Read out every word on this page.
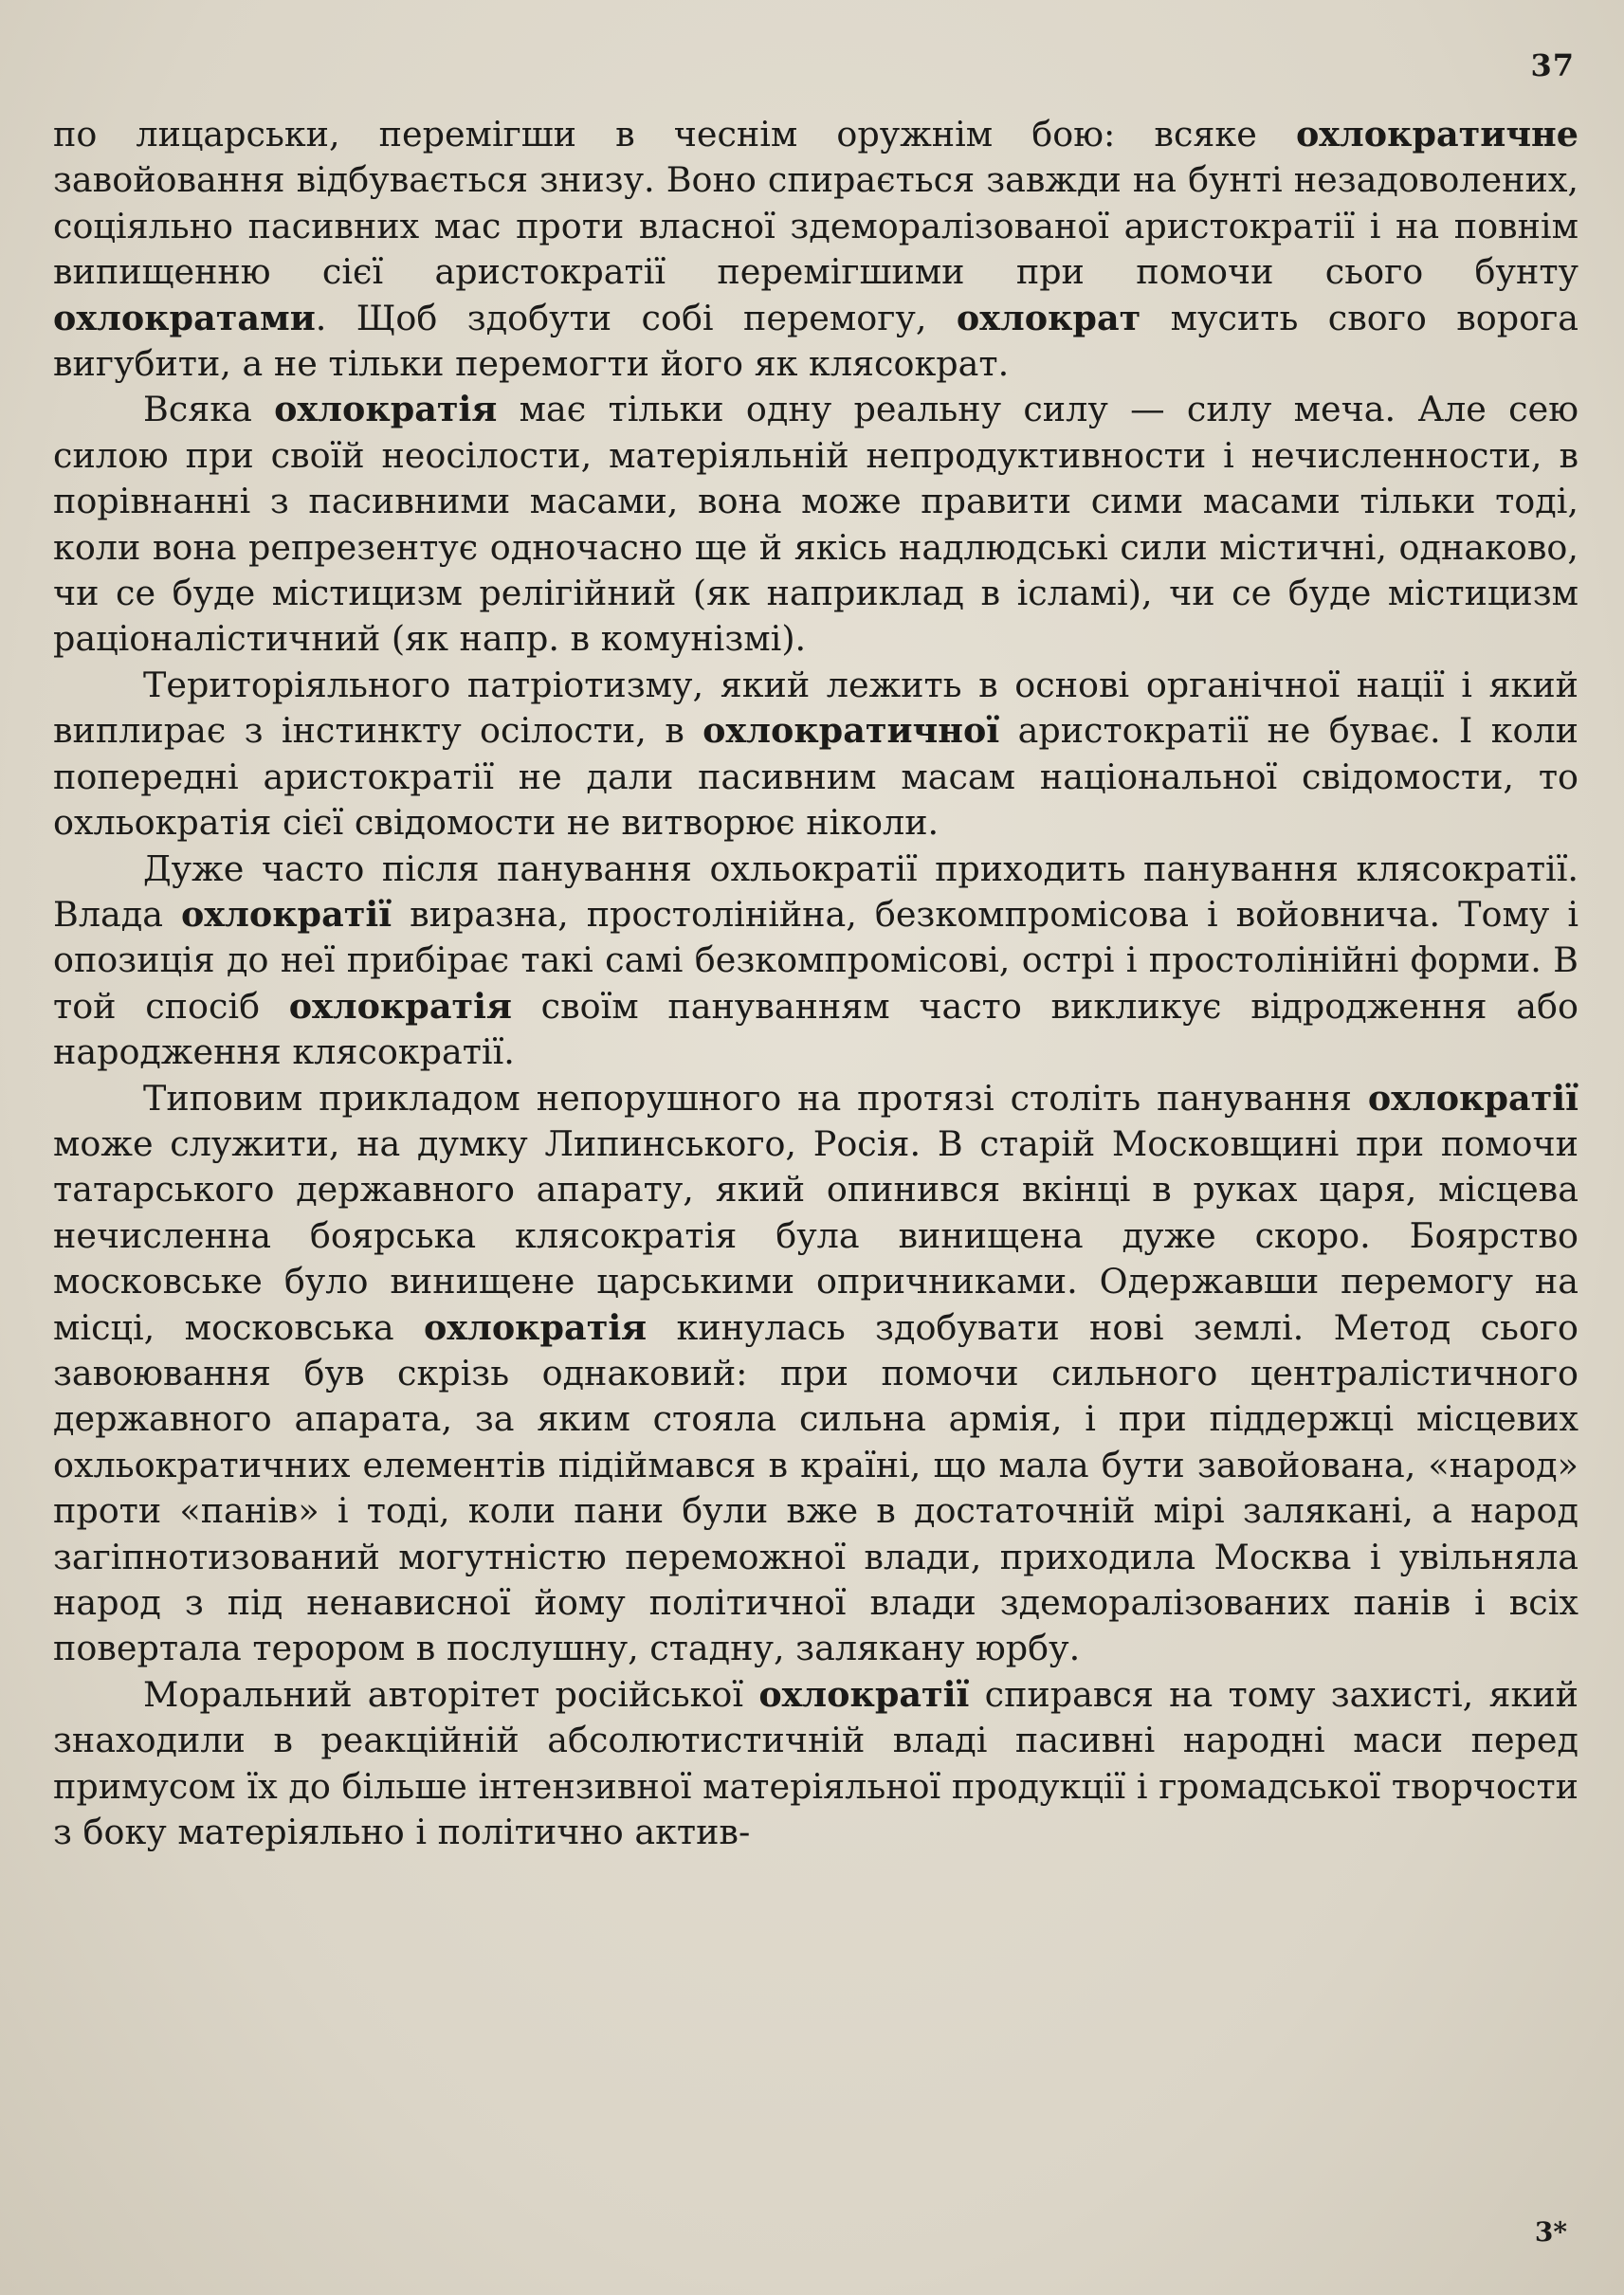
37

по лицарськи, перемігши в чеснім оружнім бою: всяке охлократичне завойовання відбувається знизу. Воно спирається завжди на бунті незадоволених, соціяльно пасивних мас проти власної здеморалізованої аристократії і на повнім випищенню сієї аристократії перемігшими при помочи сього бунту охлократами. Щоб здобути собі перемогу, охлократ мусить свого ворога вигубити, а не тільки перемогти його як клясократ.

Всяка охлократія має тільки одну реальну силу — силу меча. Але сею силою при своїй неосілости, матеріяльній непродуктивности і нечисленности, в порівнанні з пасивними масами, вона може правити сими масами тільки тоді, коли вона репрезентує одночасно ще й якісь надлюдські сили містичні, однаково, чи се буде містицизм релігійний (як наприклад в ісламі), чи се буде містицизм раціоналістичний (як напр. в комунізмі).

Територіяльного патріотизму, який лежить в основі органічної нації і який виплирає з інстинкту осілости, в охлократичної аристократії не буває. І коли попередні аристократії не дали пасивним масам національної свідомости, то охльократія сієї свідомости не витворює ніколи.

Дуже часто після панування охльократії приходить панування клясократії. Влада охлократії виразна, простолінійна, безкомпромісова і войовнича. Тому і опозиція до неї прибірає такі самі безкомпромісові, острі і простолінійні форми. В той спосіб охлократія своїм пануванням часто викликує відродження або народження клясократії.

Типовим прикладом непорушного на протязі століть панування охлократії може служити, на думку Липинського, Росія. В старій Московщині при помочи татарського державного апарату, який опинився вкінці в руках царя, місцева нечисленна боярська клясократія була винищена дуже скоро. Боярство московське було винищене царськими опричниками. Одержавши перемогу на місці, московська охлократія кинулась здобувати нові землі. Метод сього завоювання був скрізь однаковий: при помочи сильного централістичного державного апарата, за яким стояла сильна армія, і при піддержці місцевих охльократичних елементів підіймався в країні, що мала бути завойована, «народ» проти «панів» і тоді, коли пани були вже в достаточній мірі залякані, а народ загіпнотизований могутністю переможної влади, приходила Москва і увільняла народ з під ненависної йому політичної влади здеморалізованих панів і всіх повертала терором в послушну, стадну, залякану юрбу.

Моральний авторітет російської охлократії спирався на тому захисті, який знаходили в реакційній абсолютистичній владі пасивні народні маси перед примусом їх до більше інтензивної матеріяльної продукції і громадської творчости з боку матеріяльно і політично актив-

3*
